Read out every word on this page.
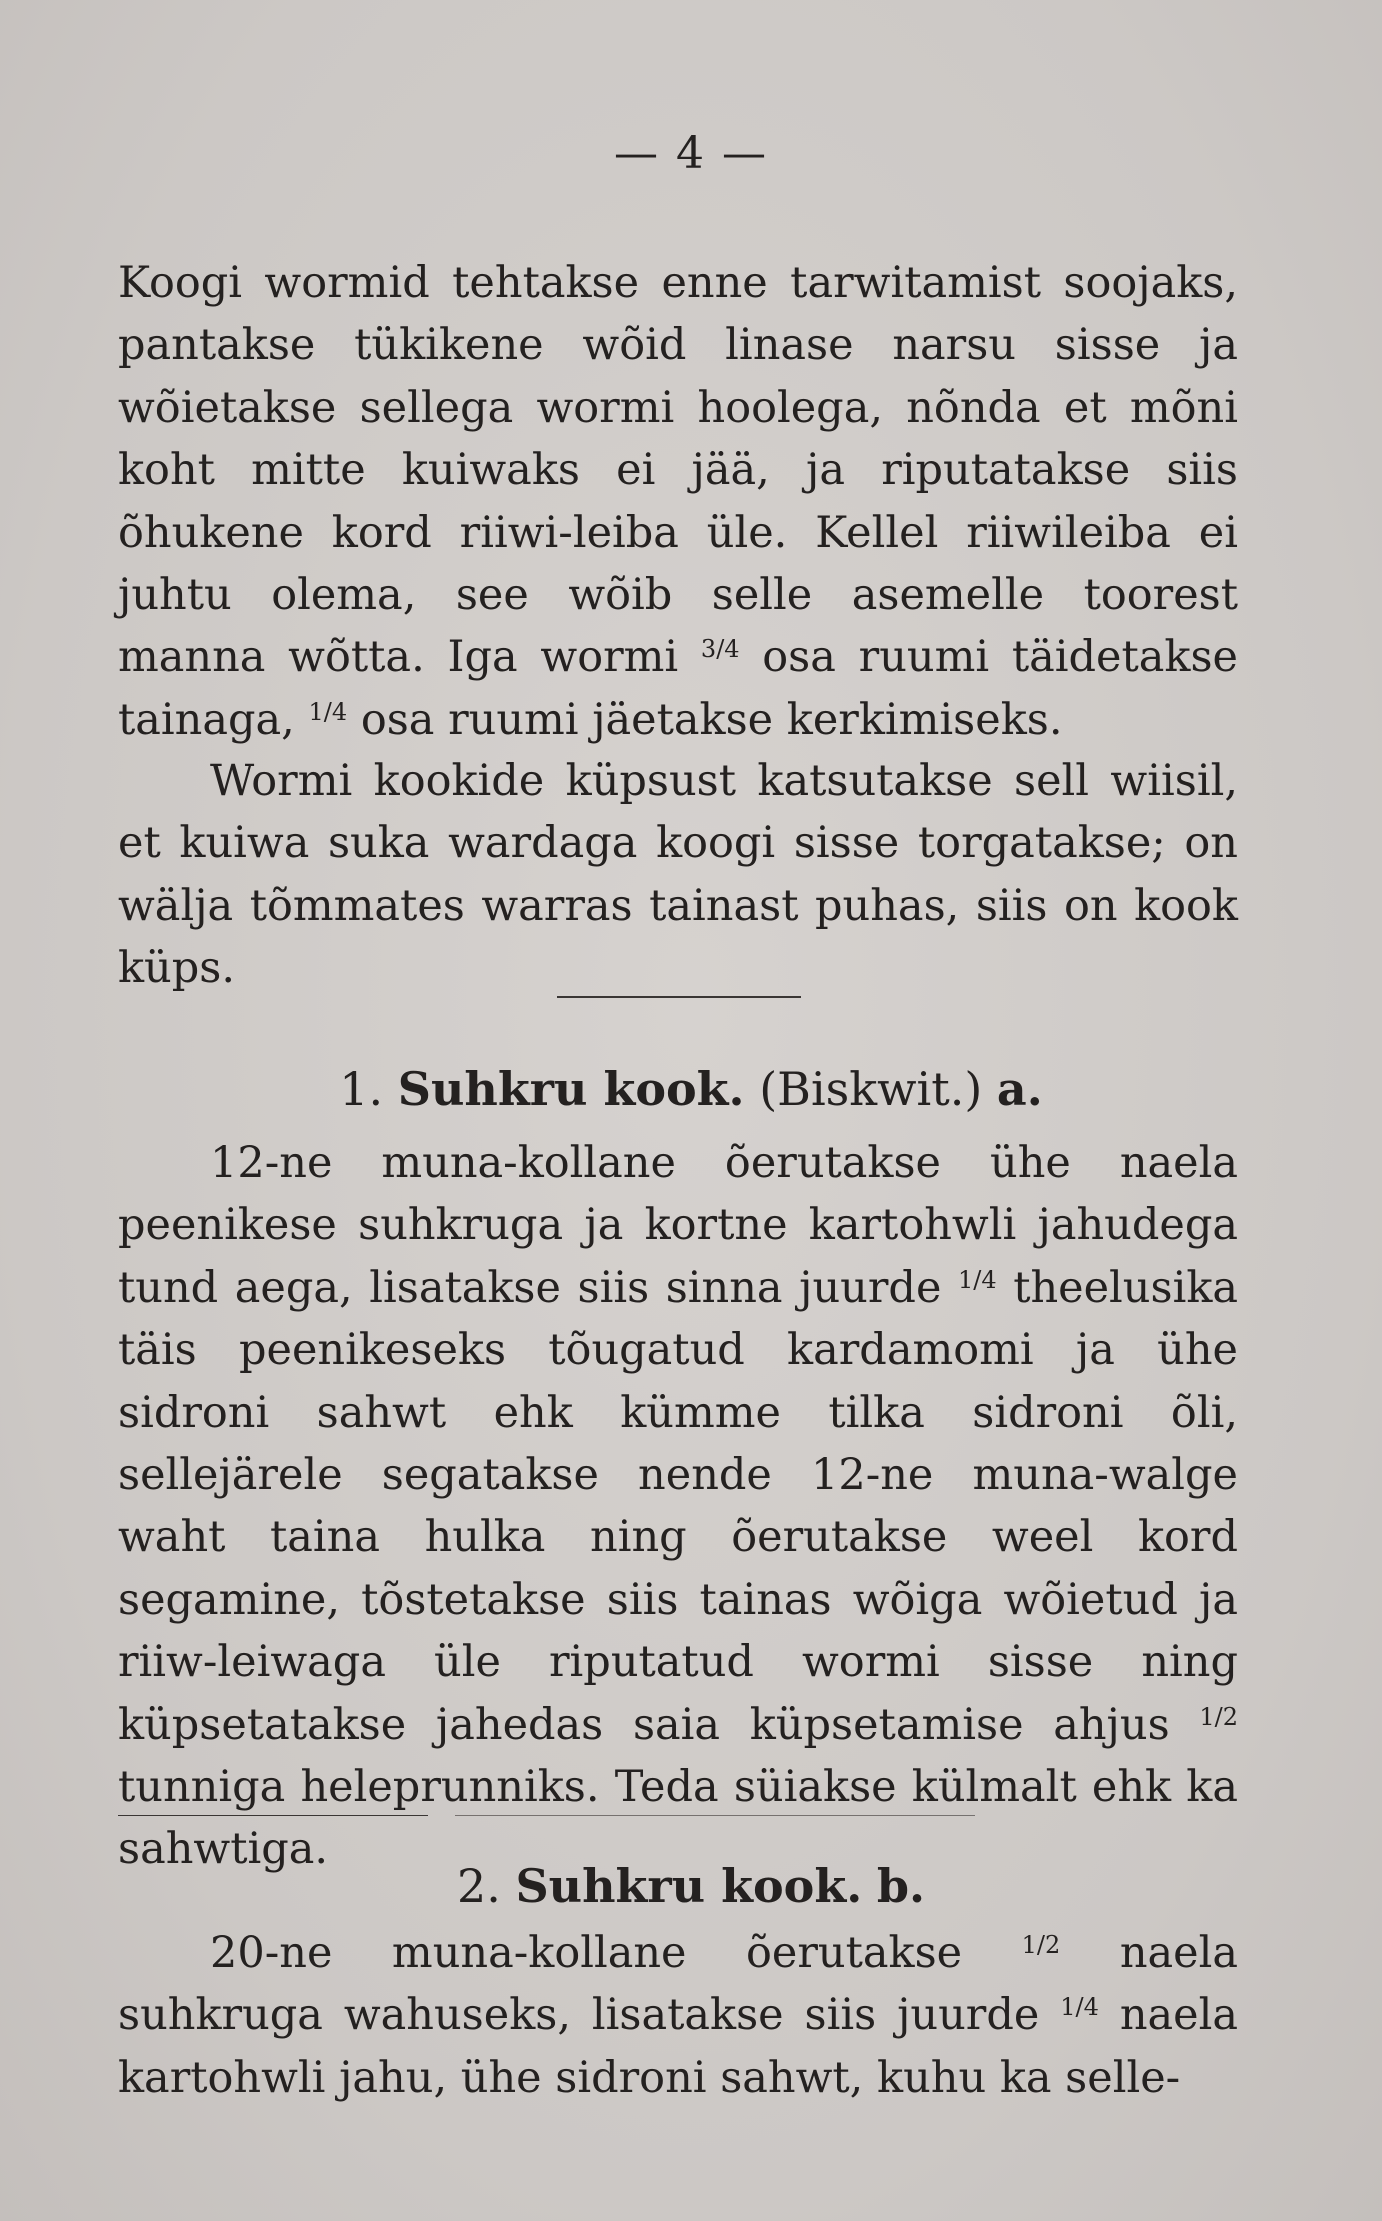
— 4 —

Koogi wormid tehtakse enne tarwitamist soojaks, pantakse tükikene wõid linase narsu sisse ja wõietakse sellega wormi hoolega, nõnda et mõni koht mitte kuiwaks ei jää, ja riputatakse siis õhukene kord riiwi-leiba üle. Kellel riiwileiba ei juhtu olema, see wõib selle asemelle toorest manna wõtta. Iga wormi $^{3/4}$ osa ruumi täidetakse tainaga, $^{1/4}$ osa ruumi jäetakse kerkimiseks.

Wormi kookide küpsust katsutakse sell wiisil, et kuiwa suka wardaga koogi sisse torgatakse; on wälja tõmmates warras tainast puhas, siis on kook küps.

1. Suhkru kook. (Biskwit.) a.

12-ne muna-kollane õerutakse ühe naela peenikese suhkruga ja kortne kartohwli jahudega tund aega, lisatakse siis sinna juurde $^{1/4}$ theelusika täis peenikeseks tõugatud kardamomi ja ühe sidroni sahwt ehk kümme tilka sidroni õli, sellejärele segatakse nende 12-ne muna-walge waht taina hulka ning õerutakse weel kord segamine, tõstetakse siis tainas wõiga wõietud ja riiw-leiwaga üle riputatud wormi sisse ning küpsetatakse jahedas saia küpsetamise ahjus $^{1/2}$ tunniga heleprunniks. Teda süiakse külmalt ehk ka sahwtiga.

2. Suhkru kook. b.

20-ne muna-kollane õerutakse $^{1/2}$ naela suhkruga wahuseks, lisatakse siis juurde $^{1/4}$ naela kartohwli jahu, ühe sidroni sahwt, kuhu ka selle-
